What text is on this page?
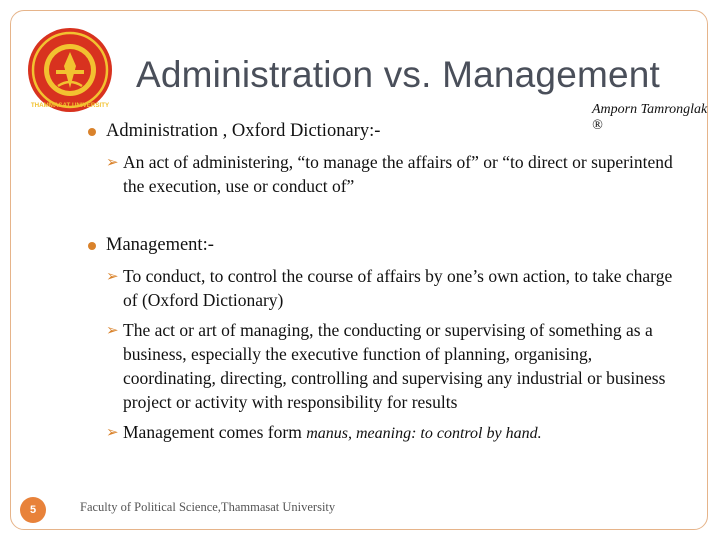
THAMMASAT UNIVERSITY
Administration vs. Management
Amporn Tamronglak ®
Administration , Oxford Dictionary:-
➢ An act of administering, “to manage the affairs of” or “to direct or superintend the execution, use or conduct of”
Management:-
➢ To conduct, to control the course of affairs by one’s own action, to take charge of (Oxford Dictionary)
➢ The act or art of managing, the conducting or supervising of something as a business, especially the executive function of planning, organising, coordinating, directing, controlling and supervising any industrial or business project or activity with responsibility for results
➢ Management comes form manus, meaning: to control by hand.
5	Faculty of Political Science,Thammasat University
